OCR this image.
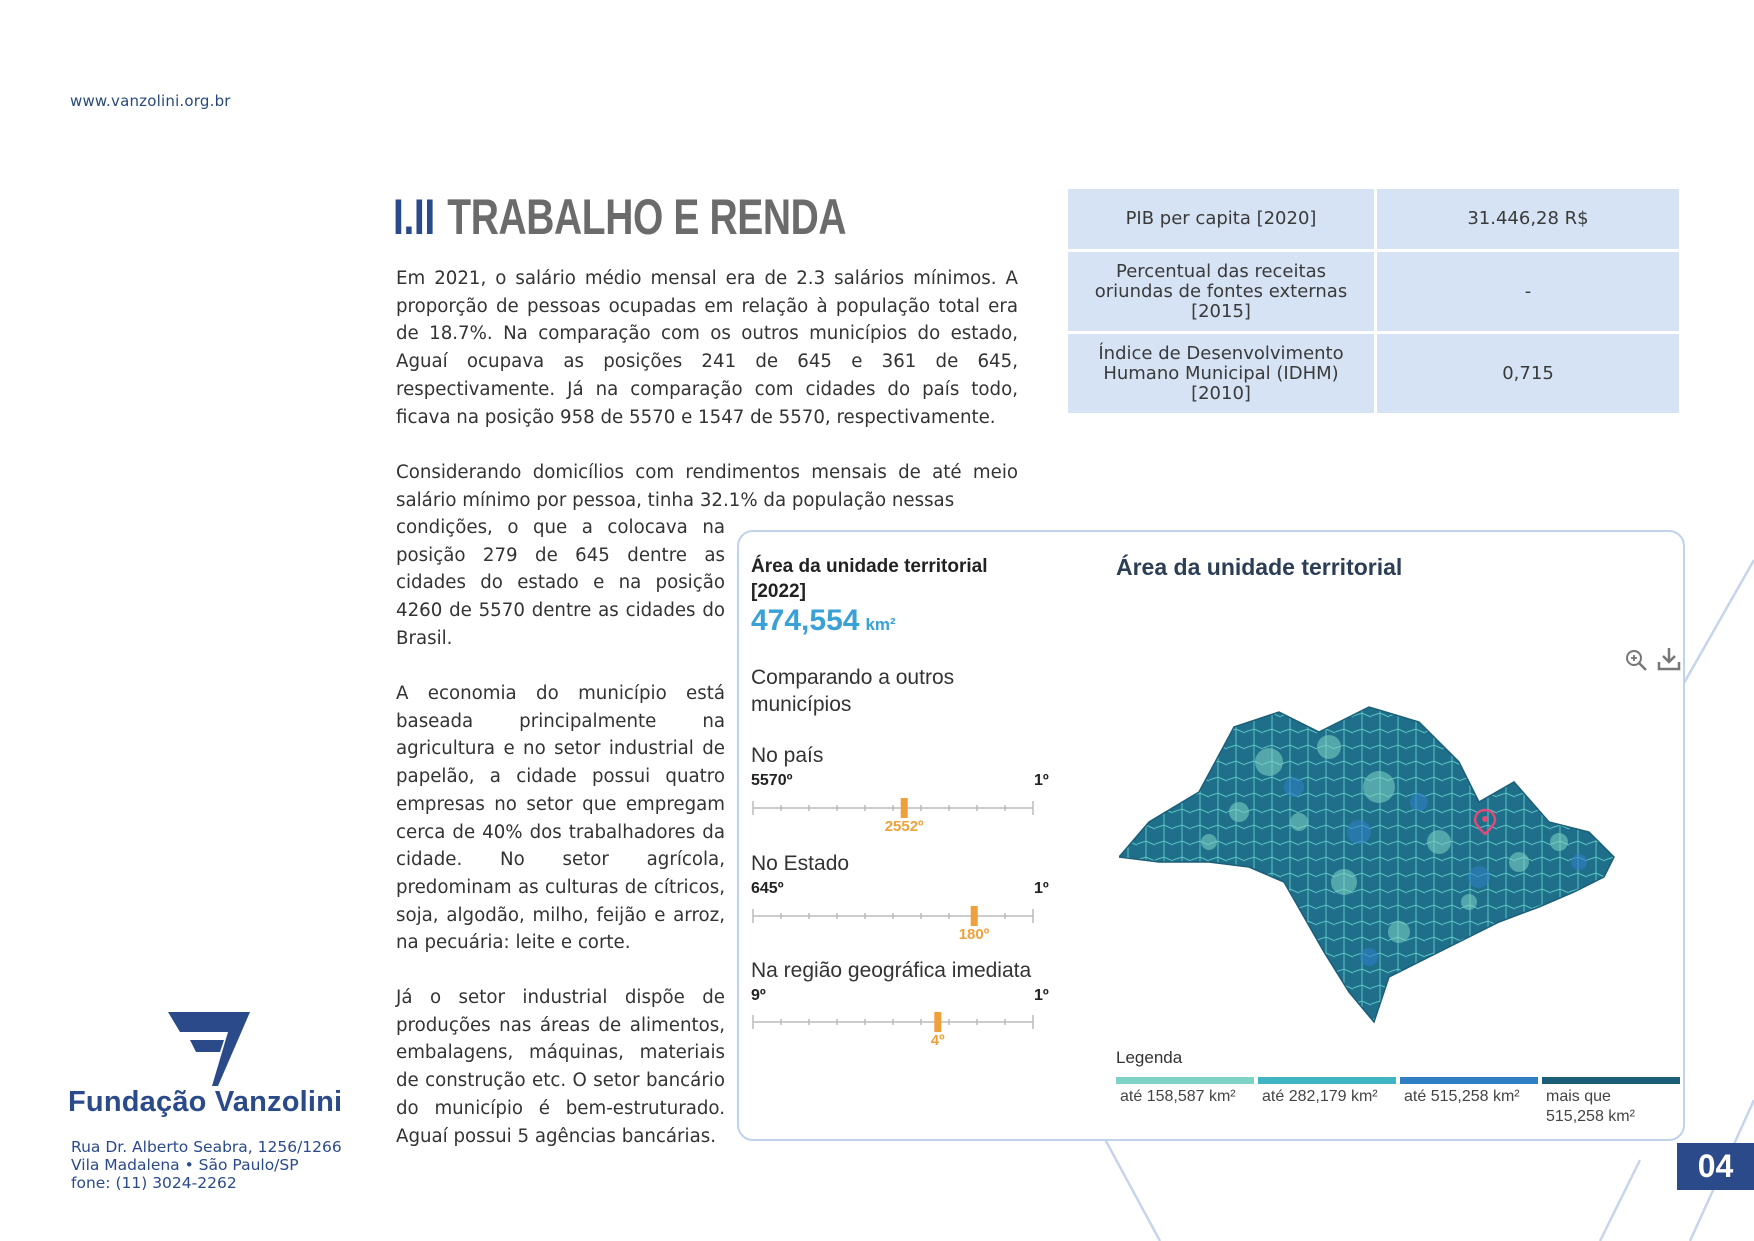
www.vanzolini.org.br
I.II TRABALHO E RENDA

Em 2021, o salário médio mensal era de 2.3 salários mínimos. A proporção de pessoas ocupadas em relação à população total era de 18.7%. Na comparação com os outros municípios do estado, Aguaí ocupava as posições 241 de 645 e 361 de 645, respectivamente. Já na comparação com cidades do país todo, ficava na posição 958 de 5570 e 1547 de 5570, respectivamente.

Considerando domicílios com rendimentos mensais de até meio salário mínimo por pessoa, tinha 32.1% da população nessas

condições, o que a colocava na posição 279 de 645 dentre as cidades do estado e na posição 4260 de 5570 dentre as cidades do Brasil.

A economia do município está baseada principalmente na agricultura e no setor industrial de papelão, a cidade possui quatro empresas no setor que empregam cerca de 40% dos trabalhadores da cidade. No setor agrícola, predominam as culturas de cítricos, soja, algodão, milho, feijão e arroz, na pecuária: leite e corte.

Já o setor industrial dispõe de produções nas áreas de alimentos, embalagens, máquinas, materiais de construção etc. O setor bancário do município é bem-estruturado. Aguaí possui 5 agências bancárias.

PIB per capita [2020]	31.446,28 R$
Percentual das receitas oriundas de fontes externas [2015]	-
Índice de Desenvolvimento Humano Municipal (IDHM) [2010]	0,715
Área da unidade territorial [2022]
474,554 km²
Comparando a outros municípios
No país
5570º	1º
2552º
No Estado
645º	1º
180º
Na região geográfica imediata
9º	1º
4º
Área da unidade territorial
Legenda
até 158,587 km²	até 282,179 km²	até 515,258 km²	mais que 515,258 km²
Fundação Vanzolini
Rua Dr. Alberto Seabra, 1256/1266
Vila Madalena • São Paulo/SP
fone: (11) 3024-2262	04
